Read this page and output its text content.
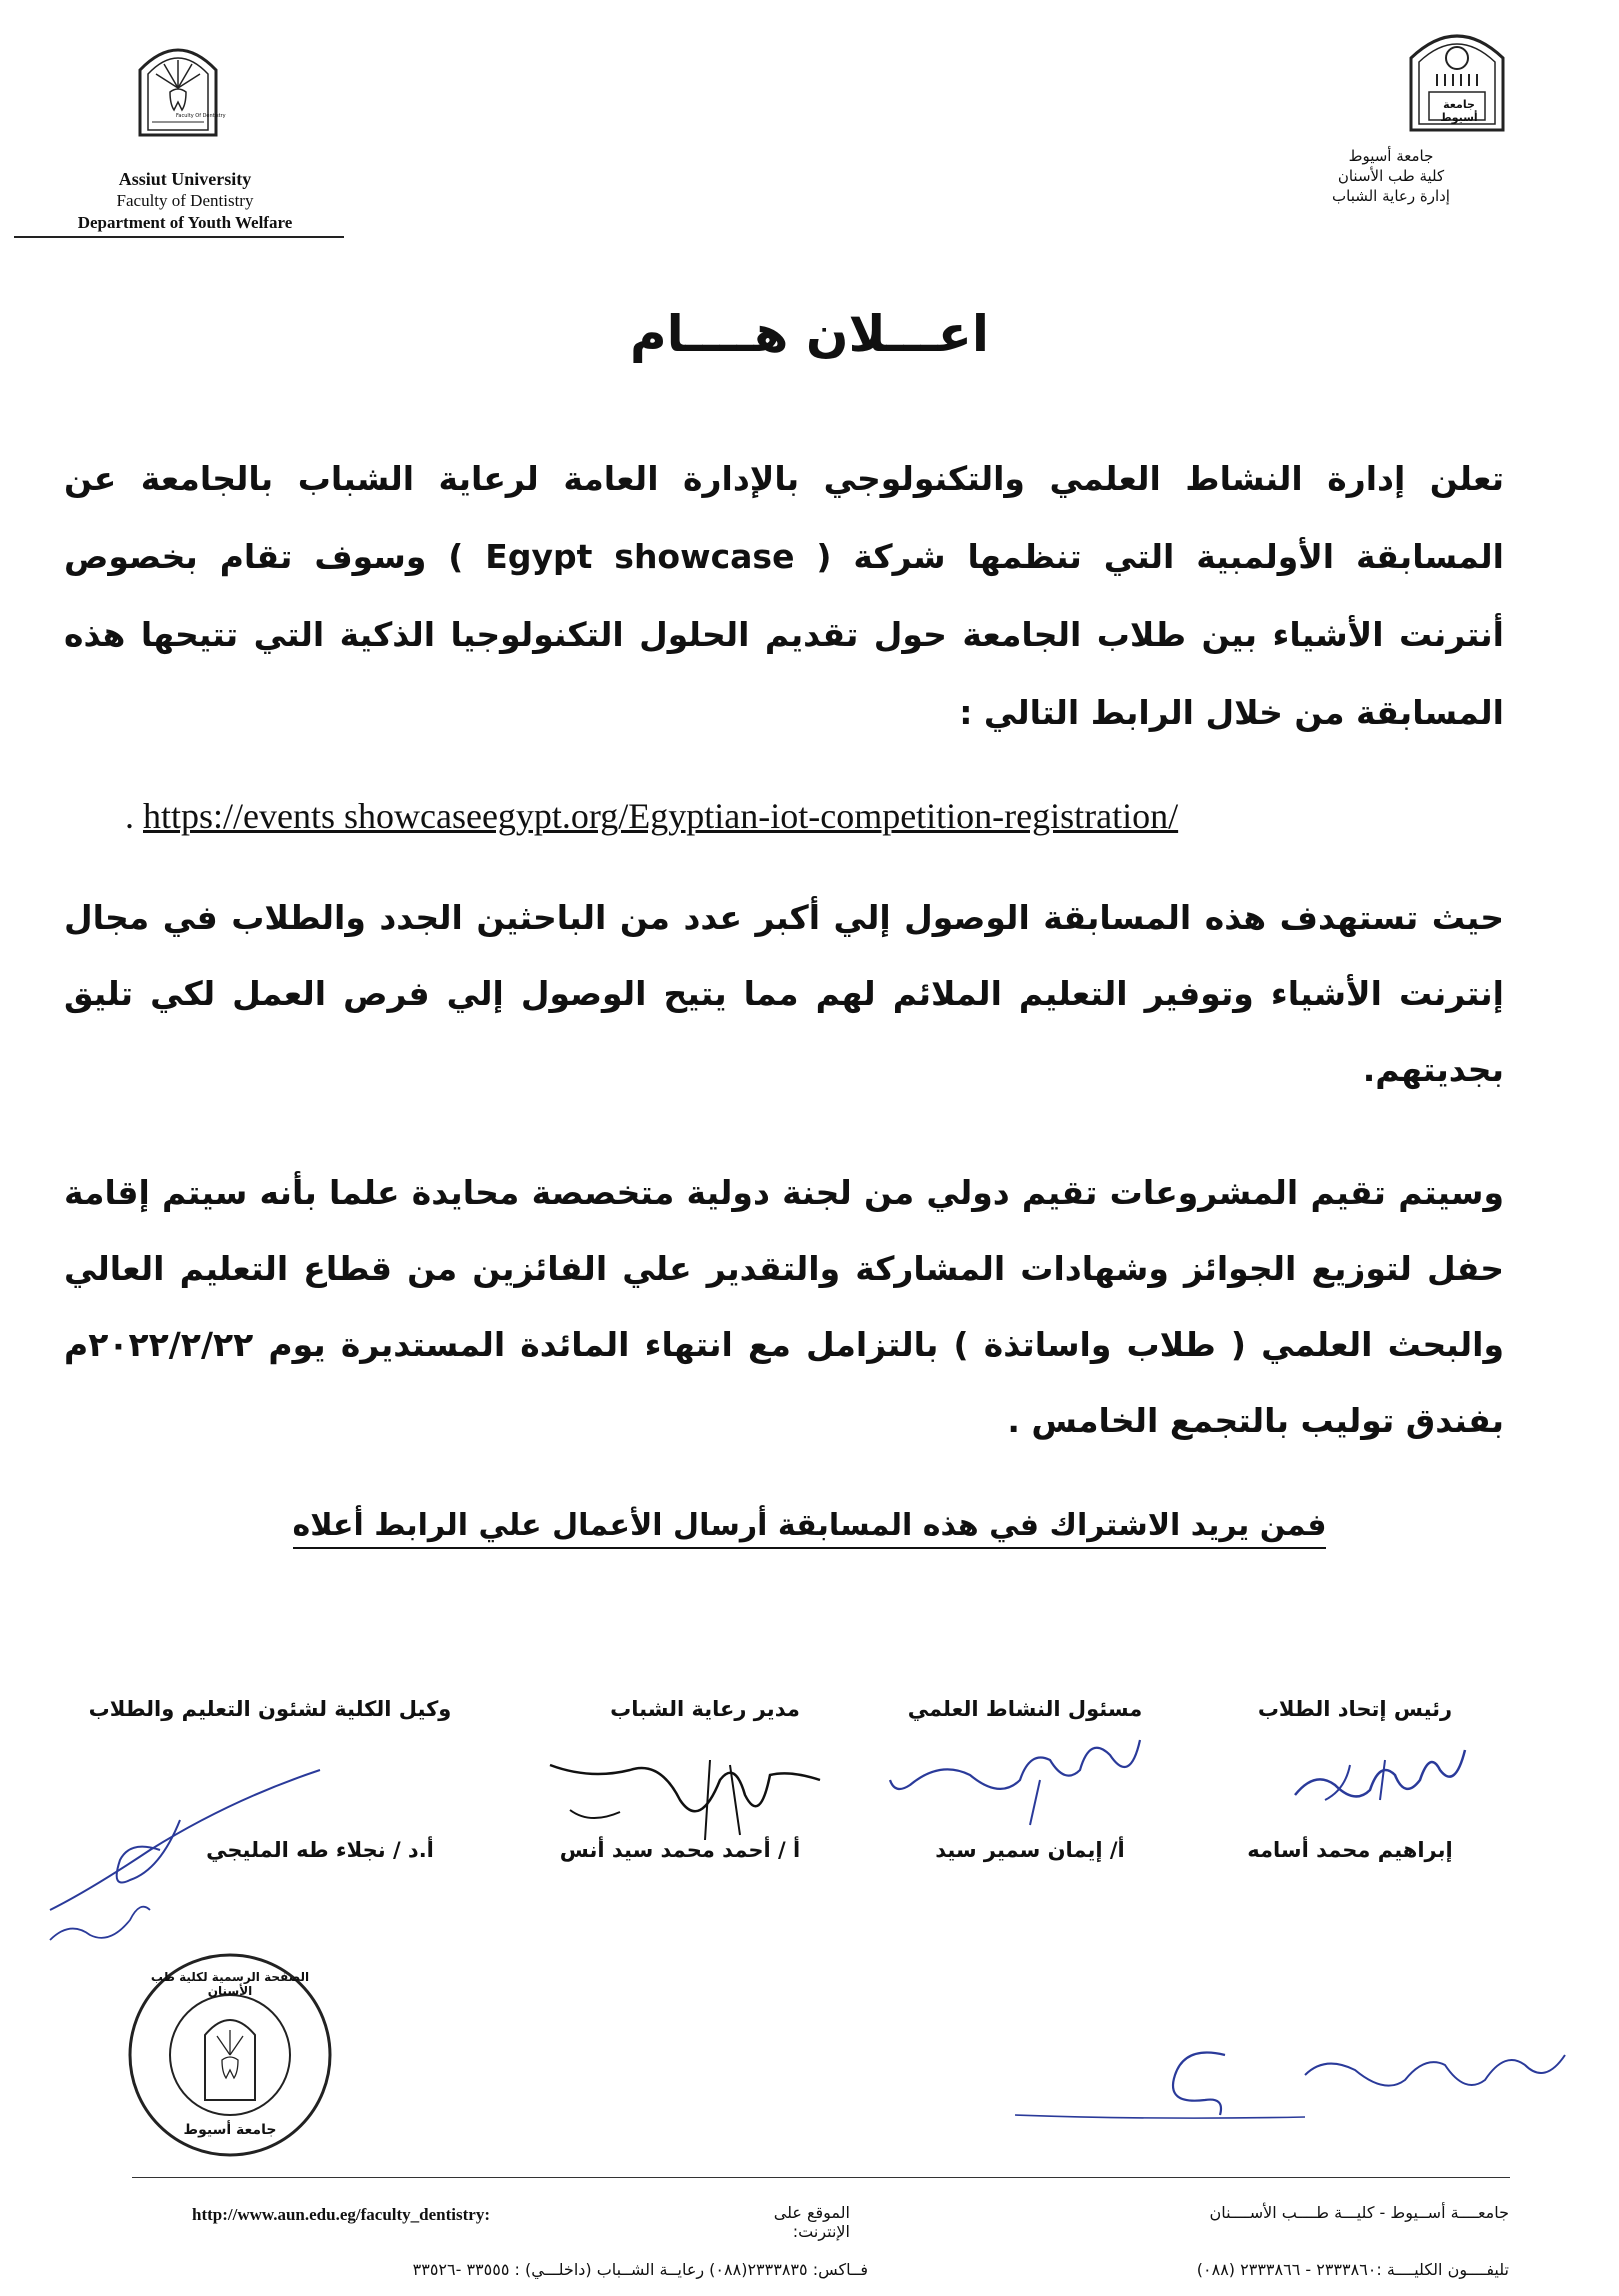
Faculty Of Dentistry
Assiut University
Faculty of Dentistry
Department of Youth Welfare
جامعة أسيوط
جامعة أسيوط
كلية طب الأسنان
إدارة رعاية الشباب
اعـــلان هــــام
تعلن إدارة النشاط العلمي والتكنولوجي بالإدارة العامة لرعاية الشباب بالجامعة عن المسابقة الأولمبية التي تنظمها شركة ( Egypt showcase ) وسوف تقام بخصوص أنترنت الأشياء بين طلاب الجامعة حول تقديم الحلول التكنولوجيا الذكية التي تتيحها هذه المسابقة من خلال الرابط التالي :
. https://events showcaseegypt.org/Egyptian-iot-competition-registration/
حيث تستهدف هذه المسابقة الوصول إلي أكبر عدد من الباحثين الجدد والطلاب في مجال إنترنت الأشياء وتوفير التعليم الملائم لهم مما يتيح الوصول إلي فرص العمل لكي تليق بجديتهم.
وسيتم تقيم المشروعات تقيم دولي من لجنة دولية متخصصة محايدة علما بأنه سيتم إقامة حفل لتوزيع الجوائز وشهادات المشاركة والتقدير علي الفائزين من قطاع التعليم العالي والبحث العلمي ( طلاب واساتذة ) بالتزامل مع انتهاء المائدة المستديرة يوم ٢٠٢٢/٢/٢٢م بفندق توليب بالتجمع الخامس .
فمن يريد الاشتراك في هذه المسابقة أرسال الأعمال علي الرابط أعلاه
رئيس إتحاد الطلاب
مسئول النشاط العلمي
مدير رعاية الشباب
وكيل الكلية لشئون التعليم والطلاب
إبراهيم محمد أسامه
أ/ إيمان سمير سيد
أ / أحمد محمد سيد أنس
أ.د / نجلاء طه المليجي
الصفحة الرسمية لكلية طب الأسنان
جامعة أسيوط
جامعــــة أســيوط - كليـــة طــــب الأســــنان
الموقع على الإنترنت:
http://www.aun.edu.eg/faculty_dentistry:
تليفــــون الكليــــة :٢٣٣٣٨٦٠ - ٢٣٣٣٨٦٦ (٠٨٨)
فــاكس: ٢٣٣٣٨٣٥(٠٨٨) رعايــة الشــباب (داخلـــي) : ٣٣٥٥٥ -٣٣٥٢٦
